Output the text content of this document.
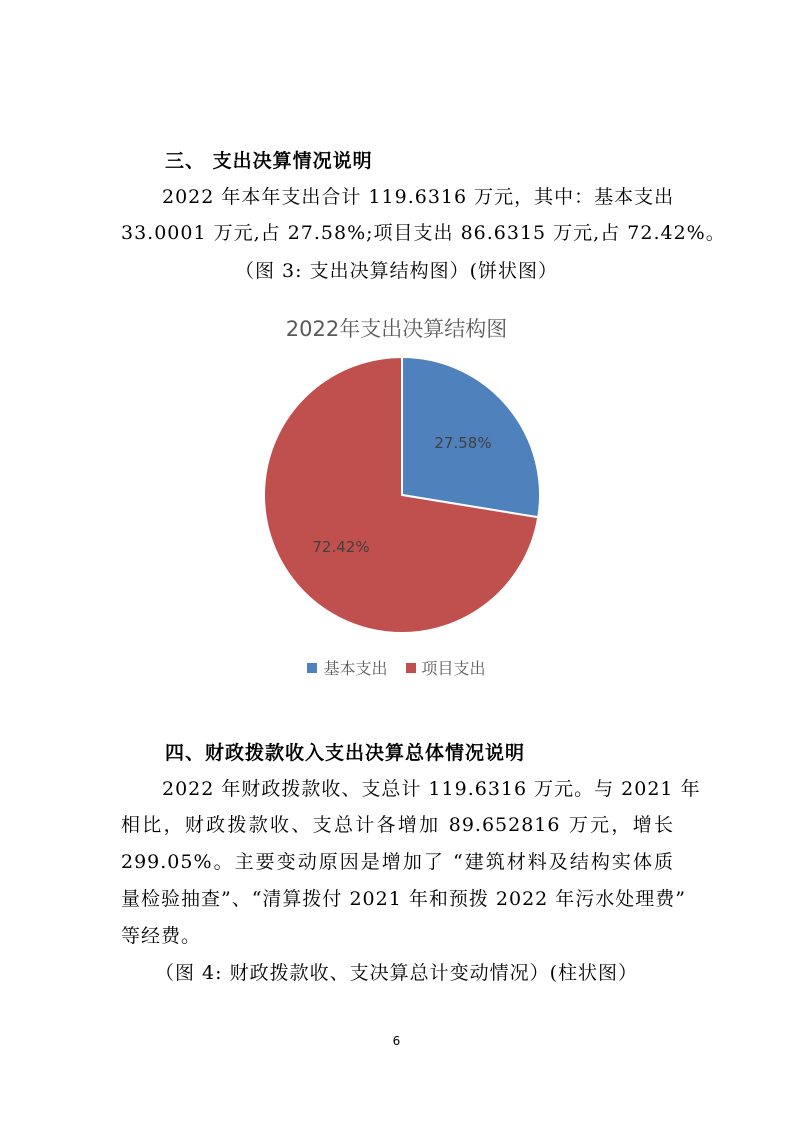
三、 支出决算情况说明
2022 年本年支出合计 119.6316 万元，其中：基本支出
33.0001 万元,占 27.58%;项目支出 86.6315 万元,占 72.42%。
（图 3: 支出决算结构图）(饼状图）
2022年支出决算结构图
27.58%
72.42%
基本支出 项目支出
四、财政拨款收入支出决算总体情况说明
2022 年财政拨款收、支总计 119.6316 万元。与 2021 年
相比，财政拨款收、支总计各增加 89.652816 万元，增长
299.05%。主要变动原因是增加了 “建筑材料及结构实体质
量检验抽查”、“清算拨付 2021 年和预拨 2022 年污水处理费”
等经费。
（图 4: 财政拨款收、支决算总计变动情况）(柱状图）
6
